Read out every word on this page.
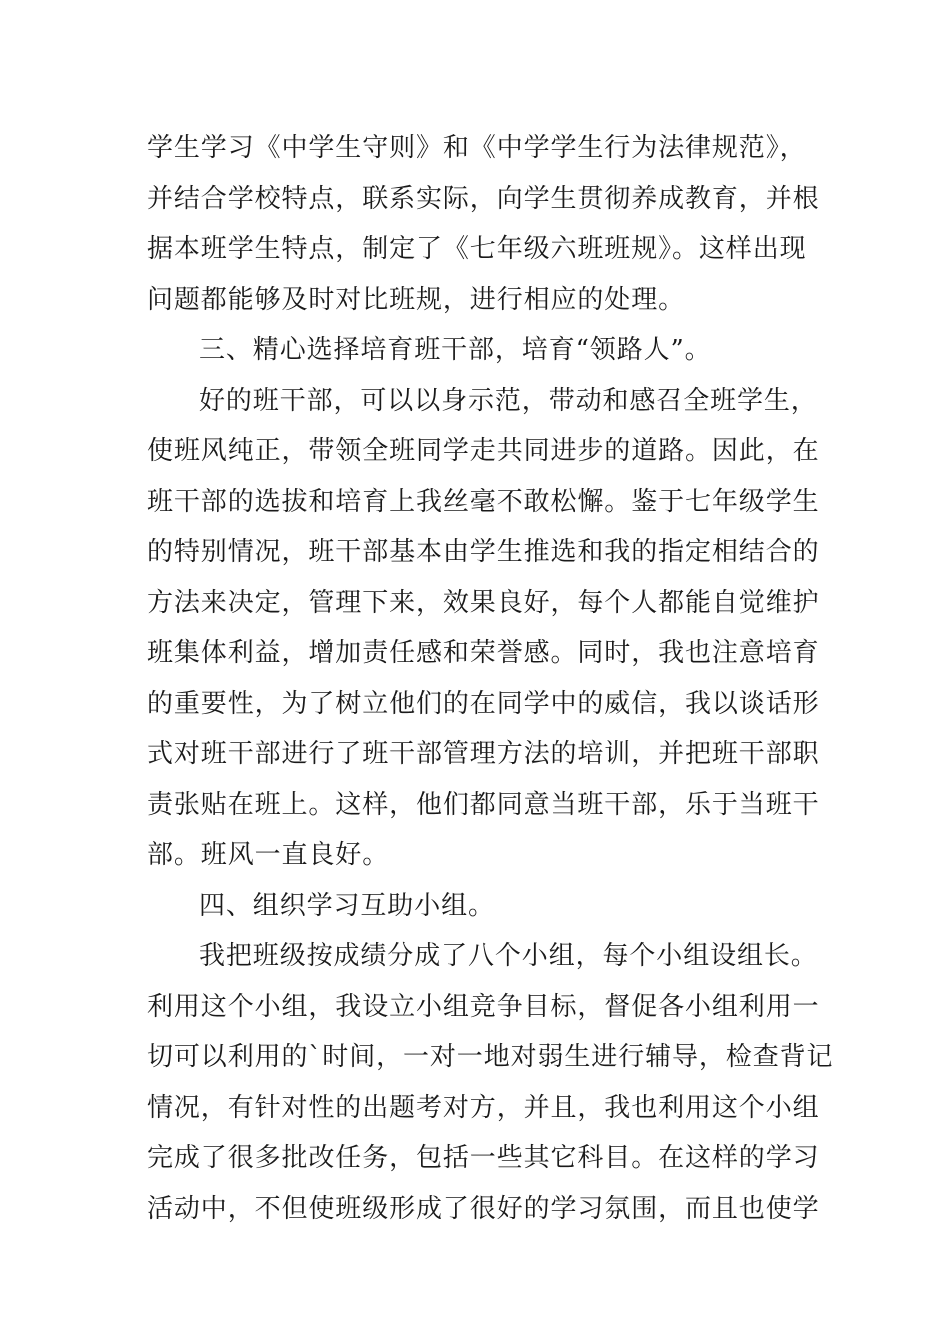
学生学习《中学生守则》和《中学学生行为法律规范》，
并结合学校特点，联系实际，向学生贯彻养成教育，并根
据本班学生特点，制定了《七年级六班班规》。这样出现
问题都能够及时对比班规，进行相应的处理。
三、精心选择培育班干部，培育“领路人”。
好的班干部，可以以身示范，带动和感召全班学生，
使班风纯正，带领全班同学走共同进步的道路。因此，在
班干部的选拔和培育上我丝毫不敢松懈。鉴于七年级学生
的特别情况，班干部基本由学生推选和我的指定相结合的
方法来决定，管理下来，效果良好，每个人都能自觉维护
班集体利益，增加责任感和荣誉感。同时，我也注意培育
的重要性，为了树立他们的在同学中的威信，我以谈话形
式对班干部进行了班干部管理方法的培训，并把班干部职
责张贴在班上。这样，他们都同意当班干部，乐于当班干
部。班风一直良好。
四、组织学习互助小组。
我把班级按成绩分成了八个小组，每个小组设组长。
利用这个小组，我设立小组竞争目标，督促各小组利用一
切可以利用的`时间，一对一地对弱生进行辅导，检查背记
情况，有针对性的出题考对方，并且，我也利用这个小组
完成了很多批改任务，包括一些其它科目。在这样的学习
活动中，不但使班级形成了很好的学习氛围，而且也使学
